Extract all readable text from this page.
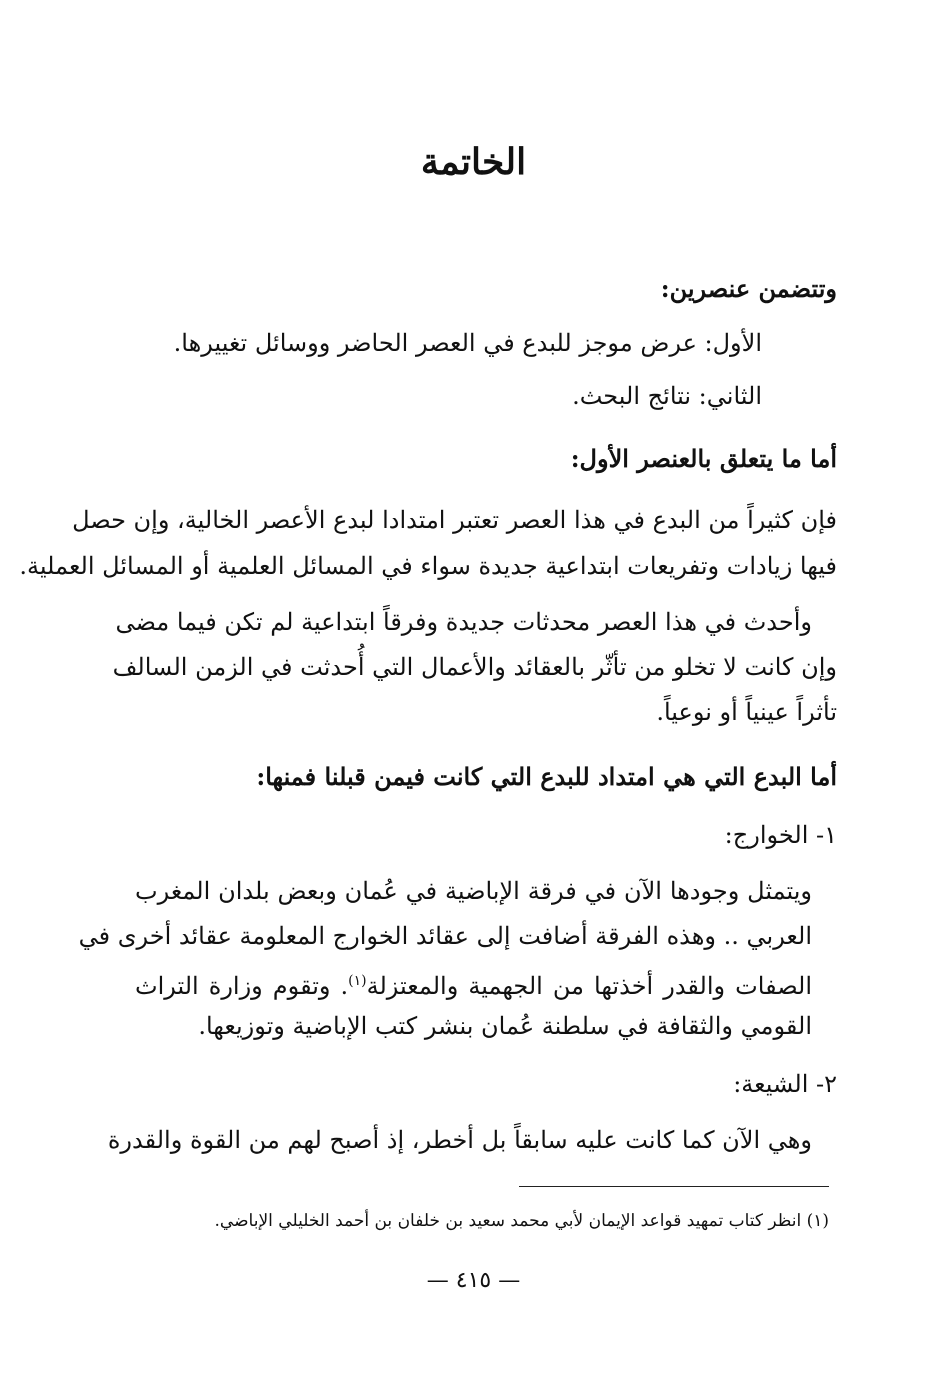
الخاتمة
وتتضمن عنصرين:
الأول: عرض موجز للبدع في العصر الحاضر ووسائل تغييرها.
الثاني: نتائج البحث.
أما ما يتعلق بالعنصر الأول:
فإن كثيراً من البدع في هذا العصر تعتبر امتدادا لبدع الأعصر الخالية، وإن حصل
فيها زيادات وتفريعات ابتداعية جديدة سواء في المسائل العلمية أو المسائل العملية.
وأحدث في هذا العصر محدثات جديدة وفرقاً ابتداعية لم تكن فيما مضى
وإن كانت لا تخلو من تأثّر بالعقائد والأعمال التي أُحدثت في الزمن السالف
تأثراً عينياً أو نوعياً.
أما البدع التي هي امتداد للبدع التي كانت فيمن قبلنا فمنها:
١- الخوارج:
ويتمثل وجودها الآن في فرقة الإباضية في عُمان وبعض بلدان المغرب
العربي .. وهذه الفرقة أضافت إلى عقائد الخوارج المعلومة عقائد أخرى في
الصفات والقدر أخذتها من الجهمية والمعتزلة$^{(١)}$. وتقوم وزارة التراث
القومي والثقافة في سلطنة عُمان بنشر كتب الإباضية وتوزيعها.
٢- الشيعة:
وهي الآن كما كانت عليه سابقاً بل أخطر، إذ أصبح لهم من القوة والقدرة
(١) انظر كتاب تمهيد قواعد الإيمان لأبي محمد سعيد بن خلفان بن أحمد الخليلي الإباضي.
— ٤١٥ —
